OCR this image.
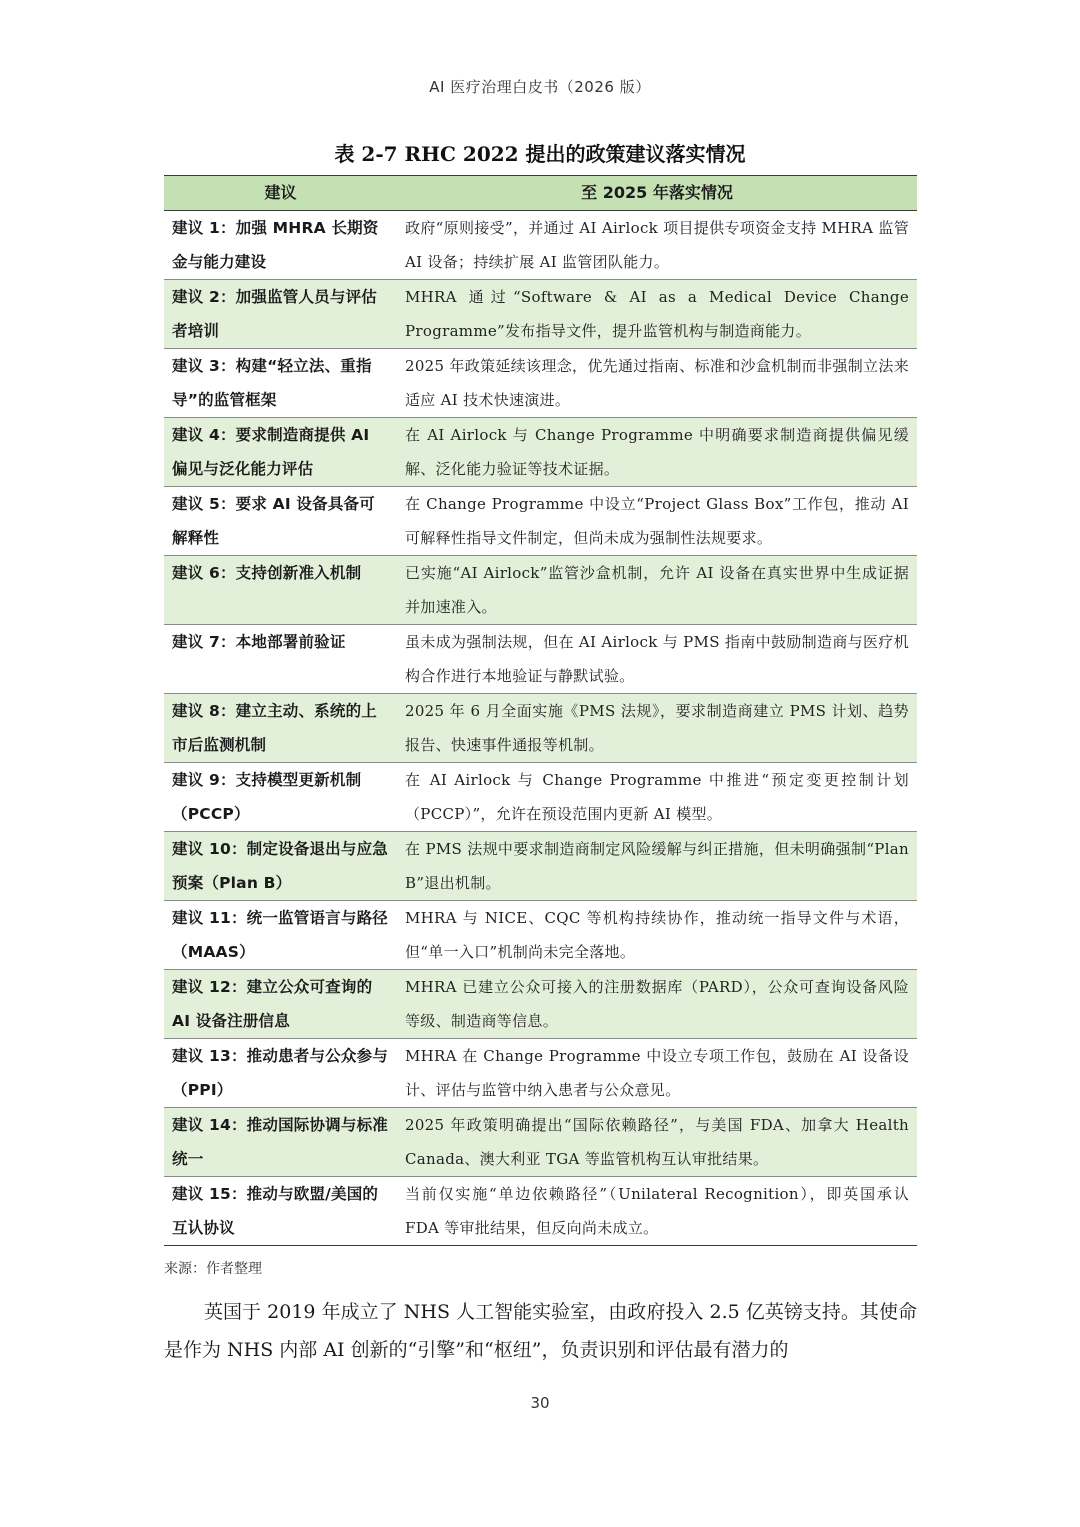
AI 医疗治理白皮书（2026 版）
表 2-7 RHC 2022 提出的政策建议落实情况
建议	至 2025 年落实情况
建议 1：加强 MHRA 长期资金与能力建设	政府“原则接受”，并通过 AI Airlock 项目提供专项资金支持 MHRA 监管 AI 设备；持续扩展 AI 监管团队能力。
建议 2：加强监管人员与评估者培训	MHRA 通过“Software & AI as a Medical Device Change Programme”发布指导文件，提升监管机构与制造商能力。
建议 3：构建“轻立法、重指导”的监管框架	2025 年政策延续该理念，优先通过指南、标准和沙盒机制而非强制立法来适应 AI 技术快速演进。
建议 4：要求制造商提供 AI 偏见与泛化能力评估	在 AI Airlock 与 Change Programme 中明确要求制造商提供偏见缓解、泛化能力验证等技术证据。
建议 5：要求 AI 设备具备可解释性	在 Change Programme 中设立“Project Glass Box”工作包，推动 AI 可解释性指导文件制定，但尚未成为强制性法规要求。
建议 6：支持创新准入机制	已实施“AI Airlock”监管沙盒机制，允许 AI 设备在真实世界中生成证据并加速准入。
建议 7：本地部署前验证	虽未成为强制法规，但在 AI Airlock 与 PMS 指南中鼓励制造商与医疗机构合作进行本地验证与静默试验。
建议 8：建立主动、系统的上市后监测机制	2025 年 6 月全面实施《PMS 法规》，要求制造商建立 PMS 计划、趋势报告、快速事件通报等机制。
建议 9：支持模型更新机制（PCCP）	在 AI Airlock 与 Change Programme 中推进“预定变更控制计划（PCCP）”，允许在预设范围内更新 AI 模型。
建议 10：制定设备退出与应急预案（Plan B）	在 PMS 法规中要求制造商制定风险缓解与纠正措施，但未明确强制“Plan B”退出机制。
建议 11：统一监管语言与路径（MAAS）	MHRA 与 NICE、CQC 等机构持续协作，推动统一指导文件与术语，但“单一入口”机制尚未完全落地。
建议 12：建立公众可查询的 AI 设备注册信息	MHRA 已建立公众可接入的注册数据库（PARD），公众可查询设备风险等级、制造商等信息。
建议 13：推动患者与公众参与（PPI）	MHRA 在 Change Programme 中设立专项工作包，鼓励在 AI 设备设计、评估与监管中纳入患者与公众意见。
建议 14：推动国际协调与标准统一	2025 年政策明确提出“国际依赖路径”，与美国 FDA、加拿大 Health Canada、澳大利亚 TGA 等监管机构互认审批结果。
建议 15：推动与欧盟/美国的互认协议	当前仅实施“单边依赖路径”（Unilateral Recognition），即英国承认 FDA 等审批结果，但反向尚未成立。
来源：作者整理

英国于 2019 年成立了 NHS 人工智能实验室，由政府投入 2.5 亿英镑支持。其使命是作为 NHS 内部 AI 创新的“引擎”和“枢纽”，负责识别和评估最有潜力的

30
